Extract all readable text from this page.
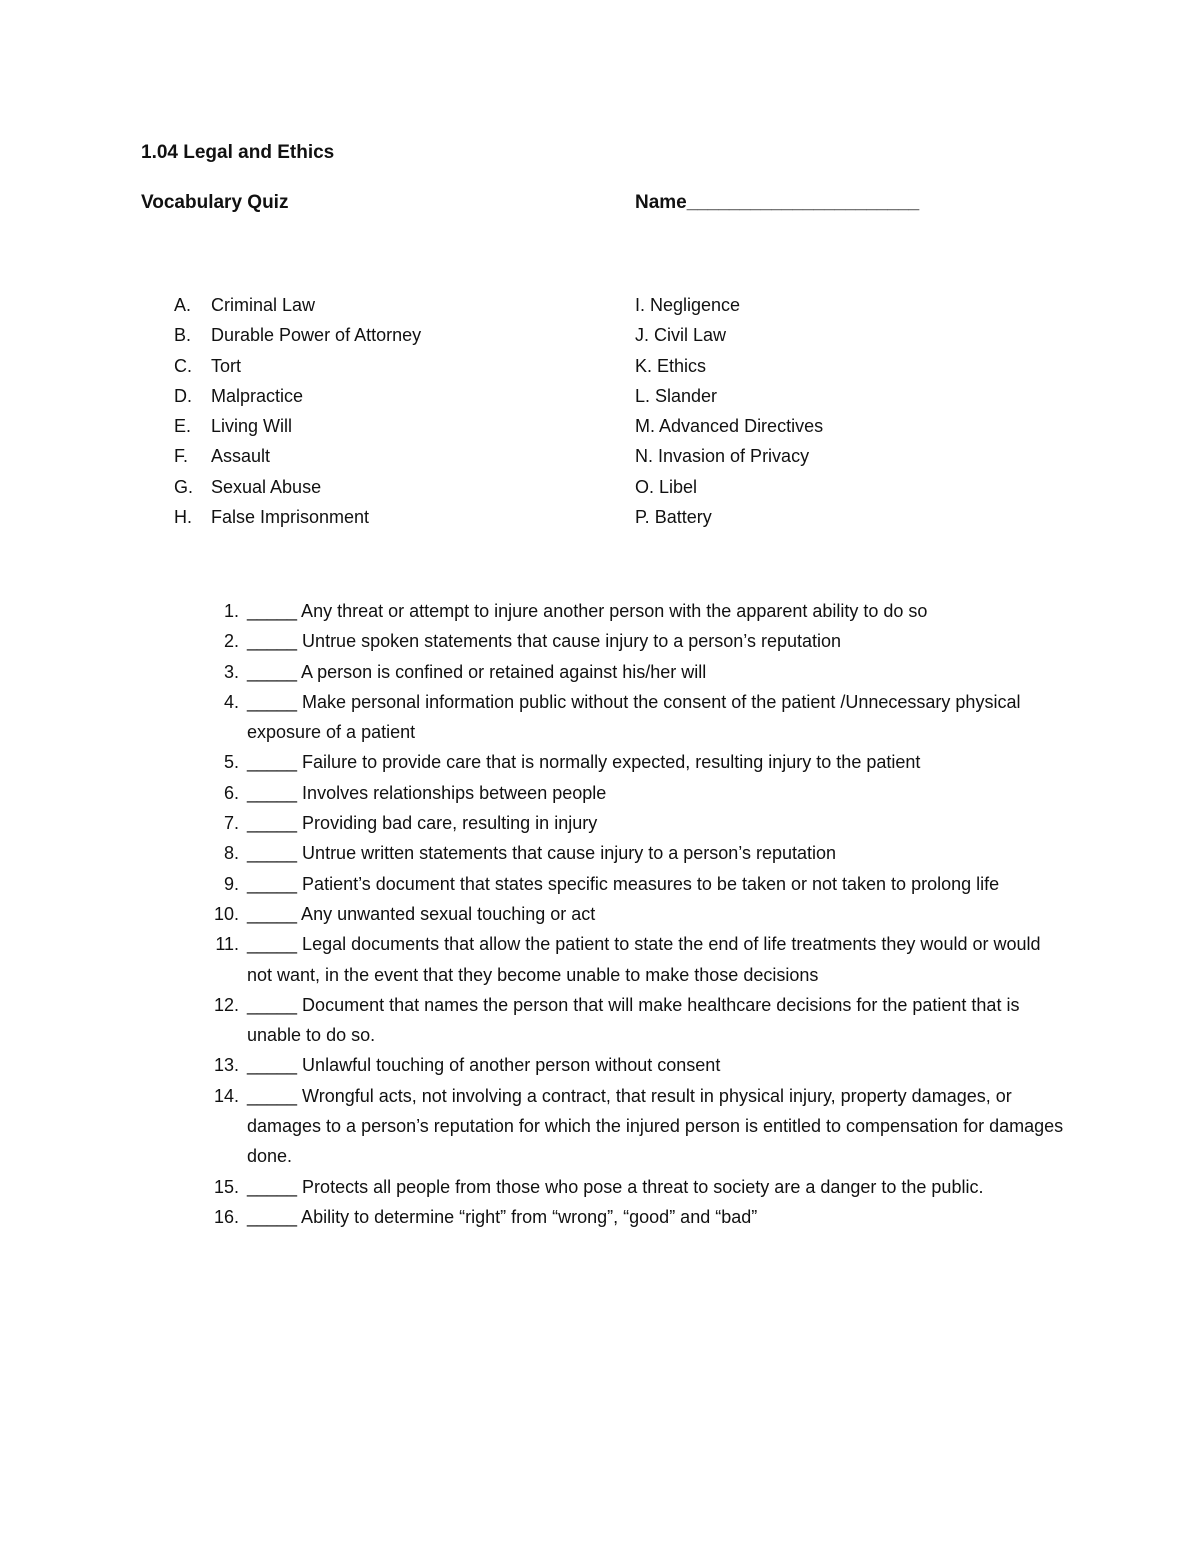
1.04 Legal and Ethics
Vocabulary Quiz	Name______________________
A. Criminal Law
B. Durable Power of Attorney
C. Tort
D. Malpractice
E. Living Will
F. Assault
G. Sexual Abuse
H. False Imprisonment
I. Negligence
J. Civil Law
K. Ethics
L. Slander
M. Advanced Directives
N. Invasion of Privacy
O. Libel
P. Battery
1. _____ Any threat or attempt to injure another person with the apparent ability to do so
2. _____ Untrue spoken statements that cause injury to a person’s reputation
3. _____ A person is confined or retained against his/her will
4. _____ Make personal information public without the consent of the patient /Unnecessary physical exposure of a patient
5. _____ Failure to provide care that is normally expected, resulting injury to the patient
6. _____ Involves relationships between people
7. _____ Providing bad care, resulting in injury
8. _____ Untrue written statements that cause injury to a person’s reputation
9. _____ Patient’s document that states specific measures to be taken or not taken to prolong life
10. _____ Any unwanted sexual touching or act
11. _____ Legal documents that allow the patient to state the end of life treatments they would or would not want, in the event that they become unable to make those decisions
12. _____ Document that names the person that will make healthcare decisions for the patient that is unable to do so.
13. _____ Unlawful touching of another person without consent
14. _____ Wrongful acts, not involving a contract, that result in physical injury, property damages, or damages to a person’s reputation for which the injured person is entitled to compensation for damages done.
15. _____ Protects all people from those who pose a threat to society are a danger to the public.
16. _____ Ability to determine “right” from “wrong”, “good” and “bad”
